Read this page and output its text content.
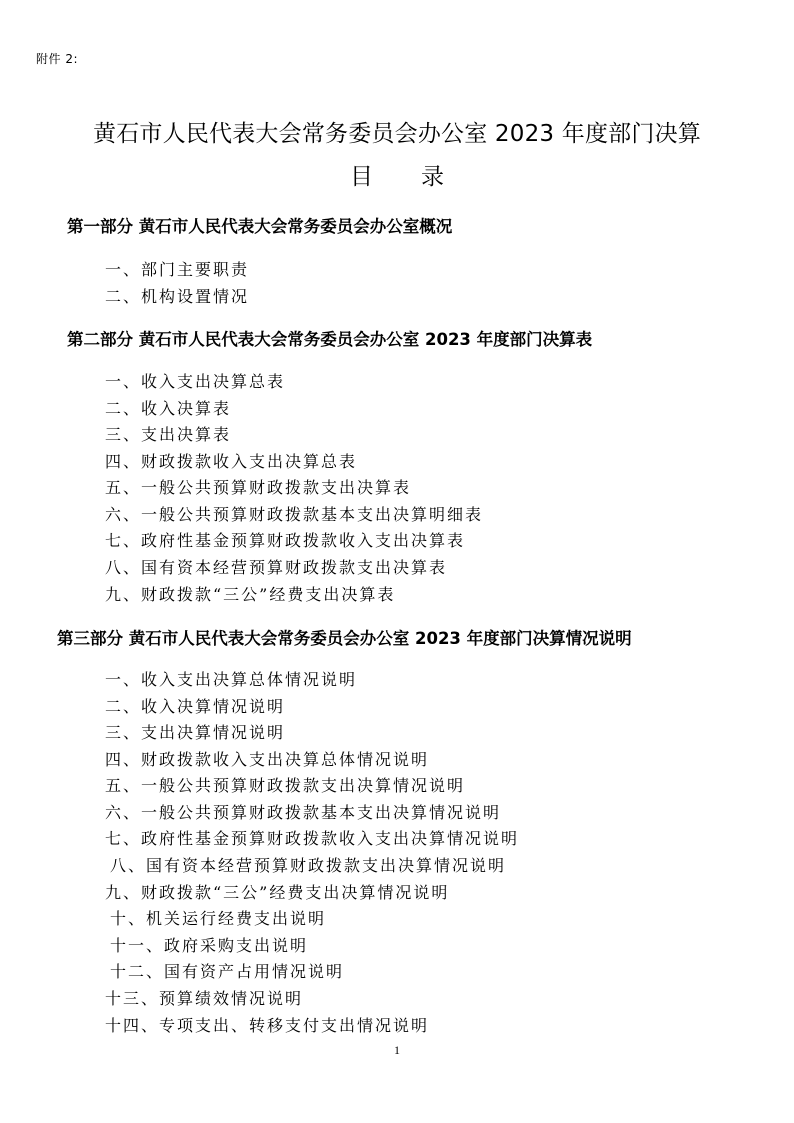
附件 2:
黄石市人民代表大会常务委员会办公室 2023 年度部门决算
目 录
第一部分 黄石市人民代表大会常务委员会办公室概况
一、部门主要职责
二、机构设置情况
第二部分 黄石市人民代表大会常务委员会办公室 2023 年度部门决算表
一、收入支出决算总表
二、收入决算表
三、支出决算表
四、财政拨款收入支出决算总表
五、一般公共预算财政拨款支出决算表
六、一般公共预算财政拨款基本支出决算明细表
七、政府性基金预算财政拨款收入支出决算表
八、国有资本经营预算财政拨款支出决算表
九、财政拨款“三公”经费支出决算表
第三部分 黄石市人民代表大会常务委员会办公室 2023 年度部门决算情况说明
一、收入支出决算总体情况说明
二、收入决算情况说明
三、支出决算情况说明
四、财政拨款收入支出决算总体情况说明
五、一般公共预算财政拨款支出决算情况说明
六、一般公共预算财政拨款基本支出决算情况说明
七、政府性基金预算财政拨款收入支出决算情况说明
八、国有资本经营预算财政拨款支出决算情况说明
九、财政拨款“三公”经费支出决算情况说明
十、机关运行经费支出说明
十一、政府采购支出说明
十二、国有资产占用情况说明
十三、预算绩效情况说明
十四、专项支出、转移支付支出情况说明
1
